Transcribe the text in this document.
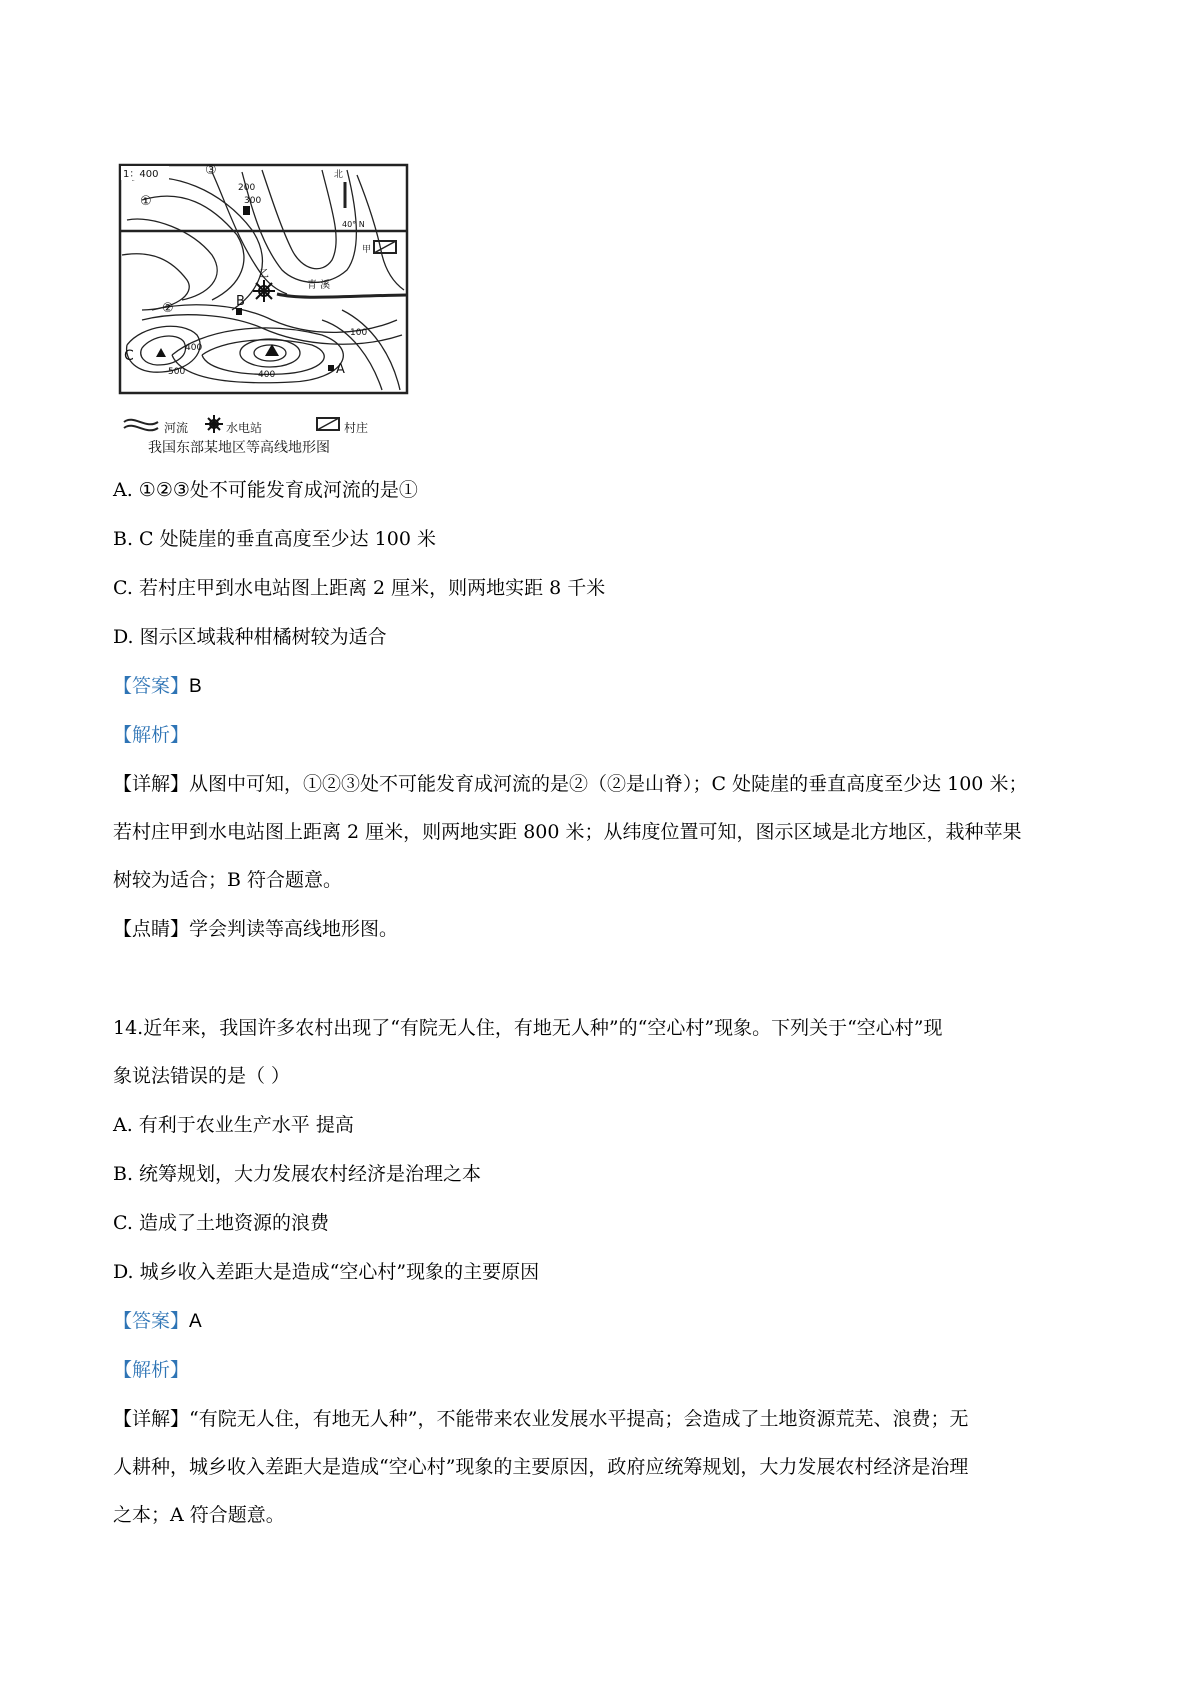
1：400	北
40° N
甲
青 溪
乙
①
③
②
A
B
C
100
200
300
400
400
500
河流	水电站	村庄
我国东部某地区等高线地形图
A. ①②③处不可能发育成河流的是①
B. C 处陡崖的垂直高度至少达 100 米
C. 若村庄甲到水电站图上距离 2 厘米，则两地实距 8 千米
D. 图示区域栽种柑橘树较为适合
【答案】B
【解析】
【详解】从图中可知，①②③处不可能发育成河流的是②（②是山脊）；C 处陡崖的垂直高度至少达 100 米；
若村庄甲到水电站图上距离 2 厘米，则两地实距 800 米；从纬度位置可知，图示区域是北方地区，栽种苹果
树较为适合；B 符合题意。
【点睛】学会判读等高线地形图。
14.近年来，我国许多农村出现了“有院无人住，有地无人种”的“空心村”现象。下列关于“空心村”现
象说法错误的是（ ）
A. 有利于农业生产水平 提高
B. 统筹规划，大力发展农村经济是治理之本
C. 造成了土地资源的浪费
D. 城乡收入差距大是造成“空心村”现象的主要原因
【答案】A
【解析】
【详解】“有院无人住，有地无人种”，不能带来农业发展水平提高；会造成了土地资源荒芜、浪费；无
人耕种，城乡收入差距大是造成“空心村”现象的主要原因，政府应统筹规划，大力发展农村经济是治理
之本；A 符合题意。
